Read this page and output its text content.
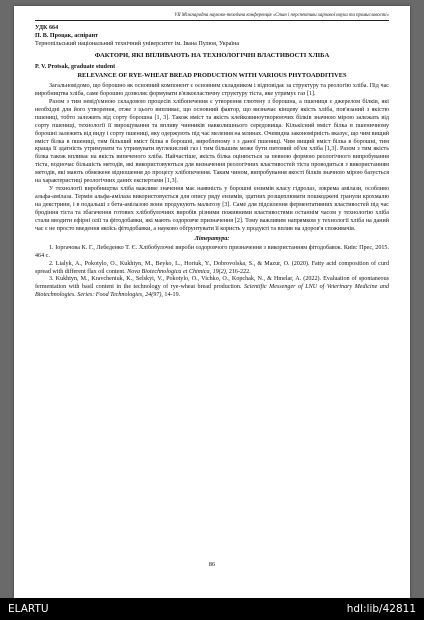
VІІ Міжнародна науково-технічна конференція «Стан і перспективи харчової науки та промисловості»

УДК 664

П. В. Процак, аспірант

Тернопільський національний технічний університет ім. Івана Пулюя, Україна

ФАКТОРИ, ЯКІ ВПЛИВАЮТЬ НА ТЕХНОЛОГІЧНІ ВЛАСТИВОСТІ ХЛІБА

P. V. Protsak, graduate student

RELEVANCE OF RYE-WHEAT BREAD PRODUCTION WITH VARIOUS PHYTOADDITIVES

Загальновідомо, що борошно як основний компонент є основним складником і відповідає за структуру та реологію хліба. Під час виробництва хліба, саме борошно дозволяє формувати в'язкоеластичну структуру тіста, яке утримує газ [1].

Разом з тим невід'ємною складовою процесів хлібопечення є утворення глютену з борошна, а пшениця є джерелом білків, які необхідні для його утворення, отже з цього випливає, що основний фактор, що визначає кінцеву якість хліба, пов'язаний з якістю пшениці, тобто залежить від сорту борошна [1, 3]. Також вміст та якість клейковиноутворюючих білків значною мірою залежать від сорту пшениці, технології її вирощування та впливу чинників навколишнього середовища. Кількісний вміст білка в пшеничному борошні залежить від виду і сорту пшениці, яку одержують під час мелення на млинах. Очевидна закономірність вказує, що чим вищий вміст білка в пшениці, тим більший вміст білка в борошні, виробленому з з даної пшениці. Чим вищий вміст білка в борошні, тим краща її здатність утримувати та утримувати вуглекислий газ і тим більшим може бути питомий об'єм хліба [1,3]. Разом з тим якість білка також впливає на якість випеченого хліба. Найчастіше, якість білка оцінюється за певною формою реологічного випробування тіста, водночас більшість методів, які використовуються для визначення реологічних властивостей тіста проводиться з використанням методів, які мають обмежене відношення до процесу хлібопечення. Таким чином, випробування якості білків значною мірою базується на характеристиці реологічних даних експертами [1,3].

У технології виробництва хліба важливе значення має наявність у борошні ензимів класу гідролаз, зокрема амілази, особливо альфа-амілаза. Термін альфа-амілаза використовується для опису ряду ензимів, здатних розщеплювати пошкоджені гранули крохмалю на декстрини, і в подальші з бета-амілазою вони продукують мальтозу [3]. Саме для підсилення ферментативних властивостей під час бродіння тіста та збагачення готових хлібобулочних виробів різними поживними властивостями останнім часом у технологію хліба стали вводити ефірні олії та фітодобавки, які мають оздоровче призначення [2]. Тому важливим напрямком у технології хліба на даний час є не просто введення якоїсь фітодобавки, а науково обґрунтувати її користь у продукті та вплив на здоров'я споживачів.

Література:

1. Іоргачова К. Г., Лебеденко Т. Є. Хлібобулочні вироби оздоровчого призначення з використанням фітодобавок. Київ: Прес, 2015. 464 с.

2. Lialyk, A., Pokotylo, O., Kukhtyn, M., Beyko, L., Horiuk, Y., Dobrovolska, S., & Mazur, O. (2020). Fatty acid composition of curd spread with different flax oil content. Nova Biotechnologica et Chimica, 19(2), 216-222.

3. Kukhtyn, M., Kravcheniuk, K., Selskyi, V., Pokotylo, O., Vichko, O., Kopchak, N., & Hmelar, A. (2022). Evaluation of spontaneous fermentation with basil content in the technology of rye-wheat bread production. Scientific Messenger of LNU of Veterinary Medicine and Biotechnologies. Series: Food Technologies, 24(97), 14-19.

86
ELARTU	hdl:lib/42811
